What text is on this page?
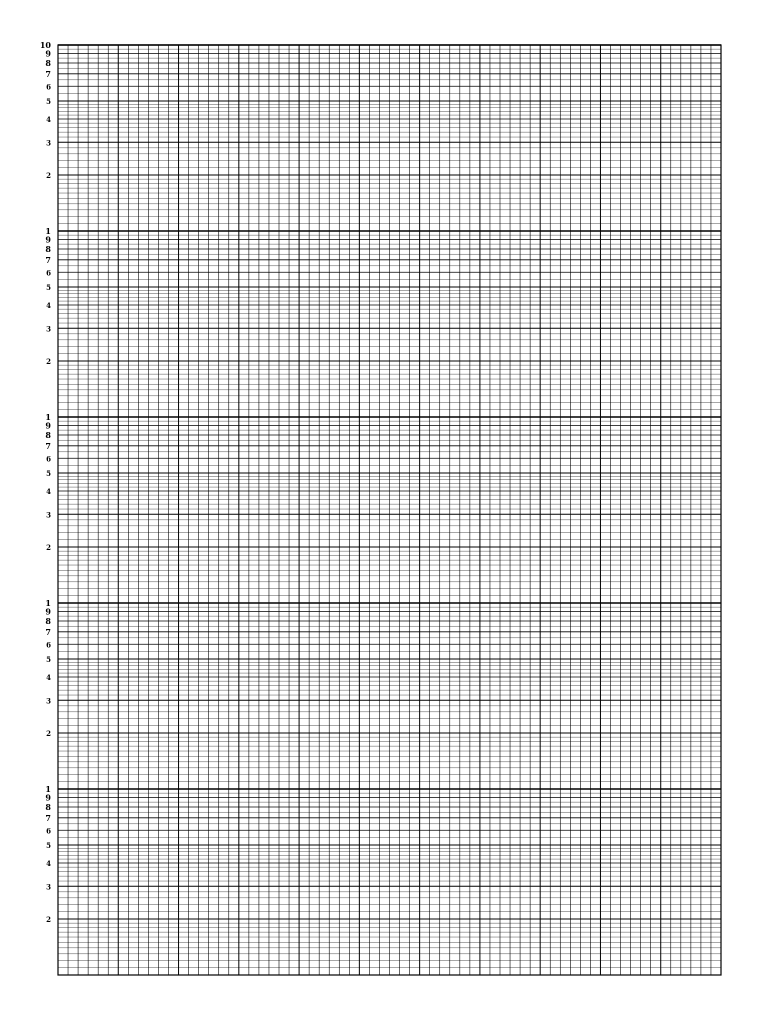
10
9
8
7
6
5
4
3
2
1
9
8
7
6
5
4
3
2
1
9
8
7
6
5
4
3
2
1
9
8
7
6
5
4
3
2
1
9
8
7
6
5
4
3
2
